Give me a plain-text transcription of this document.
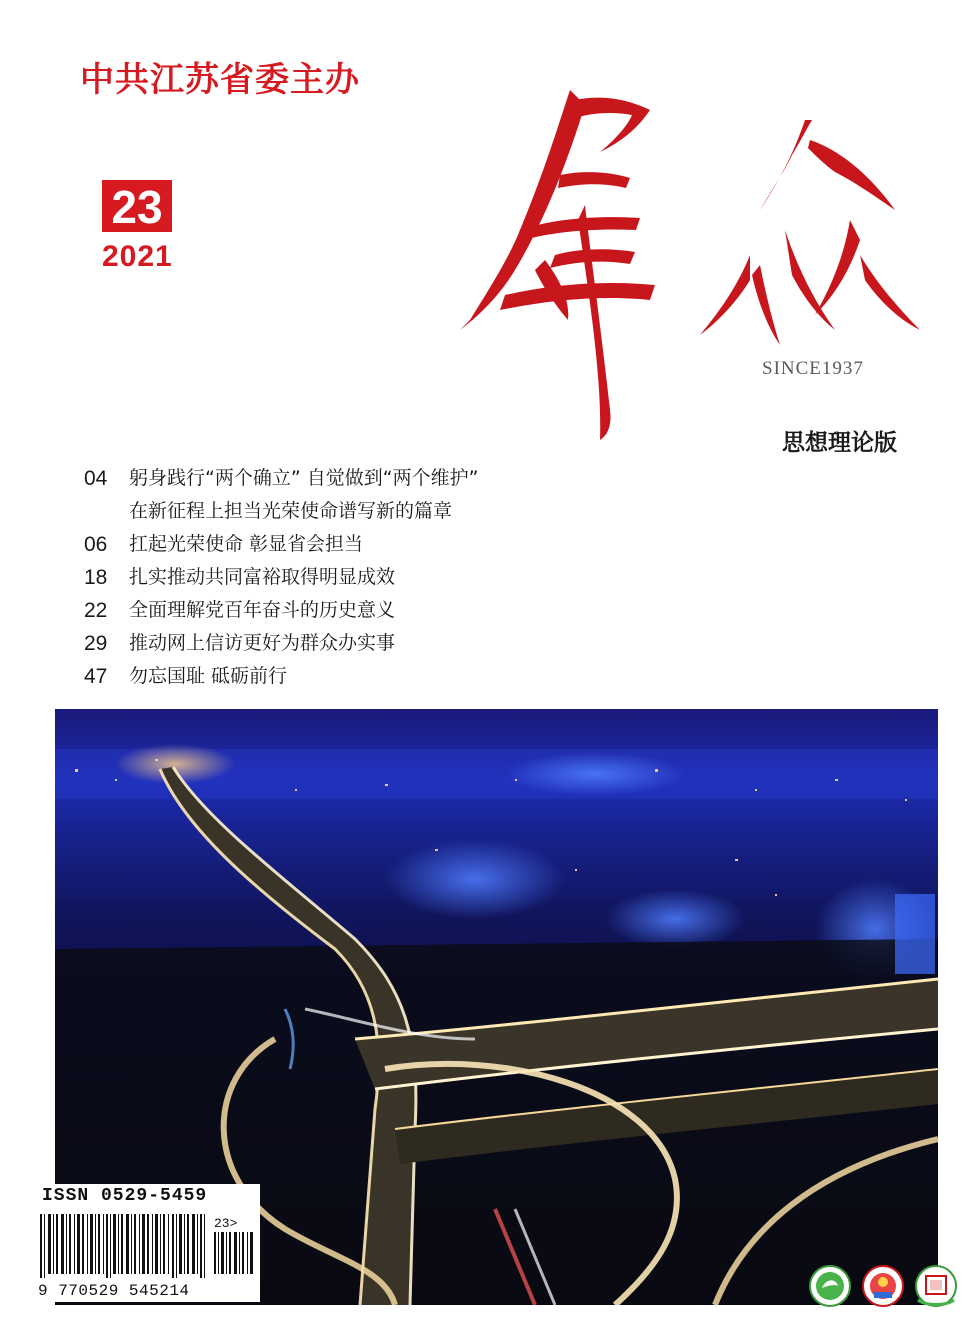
中共江苏省委主办
23
2021
SINCE1937
思想理论版
04	躬身践行“两个确立” 自觉做到“两个维护”
在新征程上担当光荣使命谱写新的篇章
06	扛起光荣使命 彰显省会担当
18	扎实推动共同富裕取得明显成效
22	全面理解党百年奋斗的历史意义
29	推动网上信访更好为群众办实事
47	勿忘国耻 砥砺前行
ISSN 0529-5459
23>
9 770529 545214
